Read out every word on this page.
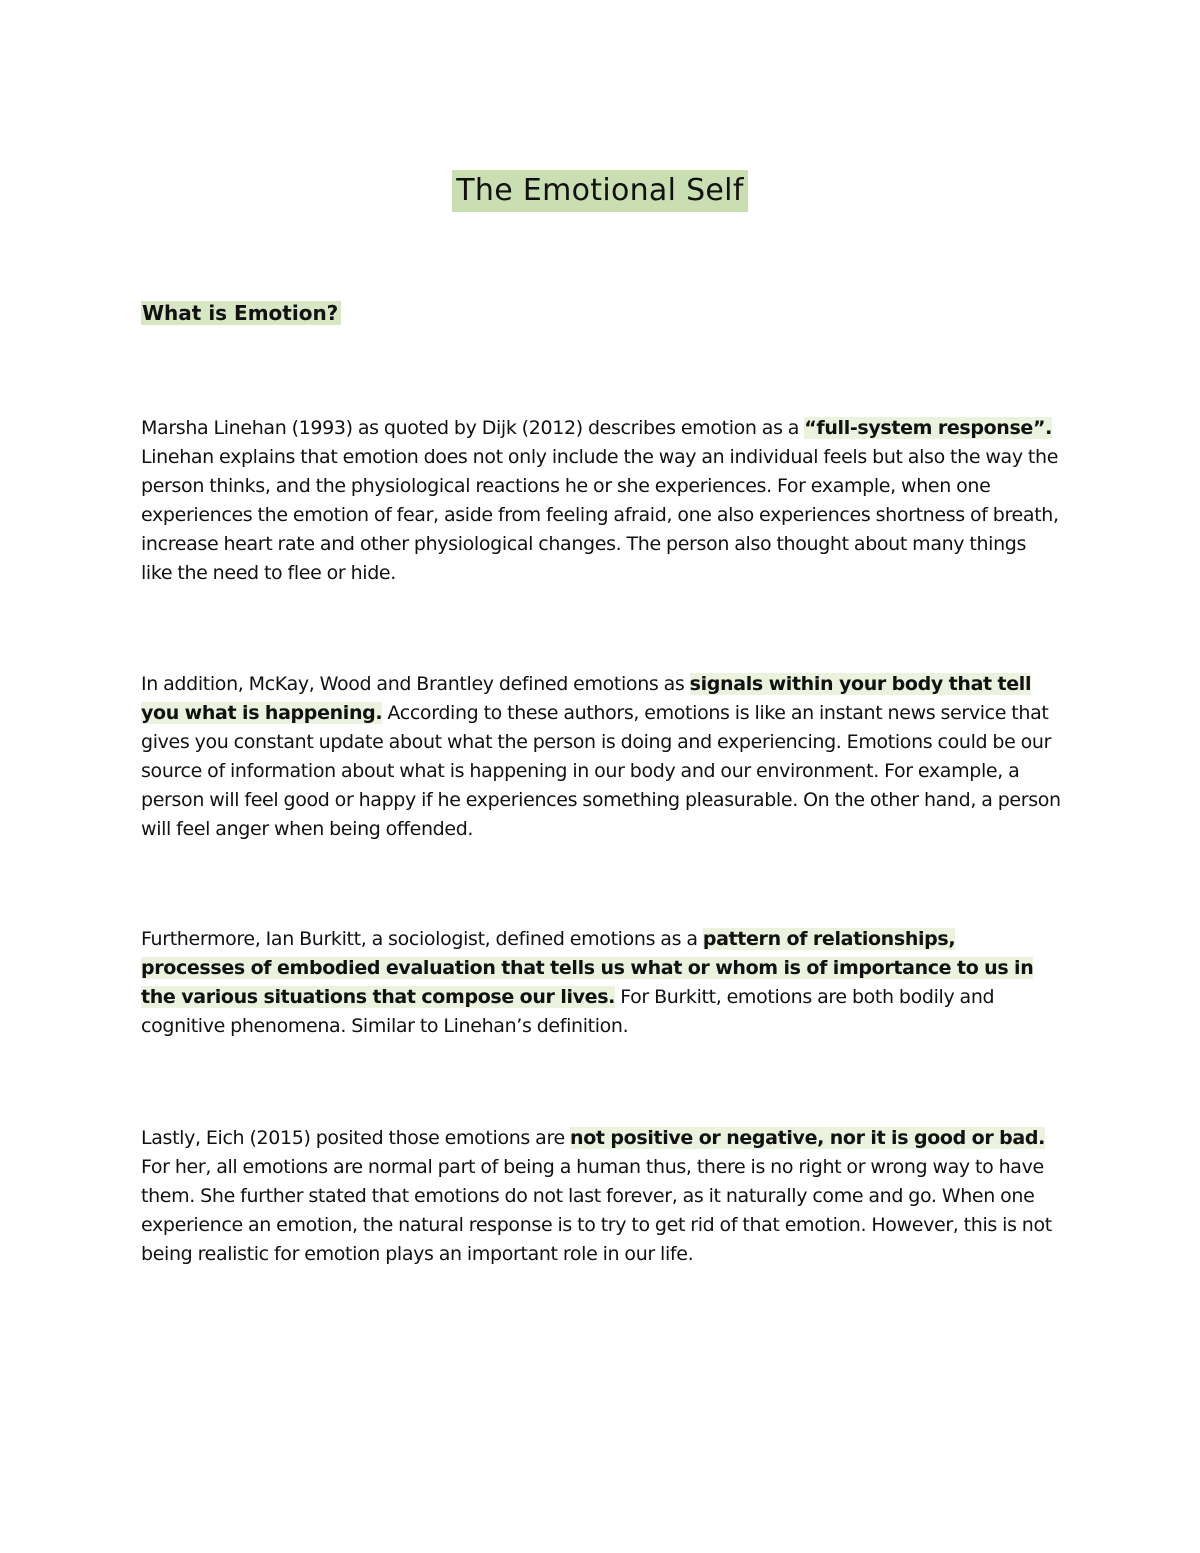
The Emotional Self
What is Emotion?

Marsha Linehan (1993) as quoted by Dijk (2012) describes emotion as a “full-system response”. Linehan explains that emotion does not only include the way an individual feels but also the way the person thinks, and the physiological reactions he or she experiences. For example, when one experiences the emotion of fear, aside from feeling afraid, one also experiences shortness of breath, increase heart rate and other physiological changes. The person also thought about many things like the need to flee or hide.

In addition, McKay, Wood and Brantley defined emotions as signals within your body that tell you what is happening. According to these authors, emotions is like an instant news service that gives you constant update about what the person is doing and experiencing. Emotions could be our source of information about what is happening in our body and our environment. For example, a person will feel good or happy if he experiences something pleasurable. On the other hand, a person will feel anger when being offended.

Furthermore, Ian Burkitt, a sociologist, defined emotions as a pattern of relationships, processes of embodied evaluation that tells us what or whom is of importance to us in the various situations that compose our lives. For Burkitt, emotions are both bodily and cognitive phenomena. Similar to Linehan’s definition.

Lastly, Eich (2015) posited those emotions are not positive or negative, nor it is good or bad. For her, all emotions are normal part of being a human thus, there is no right or wrong way to have them. She further stated that emotions do not last forever, as it naturally come and go. When one experience an emotion, the natural response is to try to get rid of that emotion. However, this is not being realistic for emotion plays an important role in our life.
